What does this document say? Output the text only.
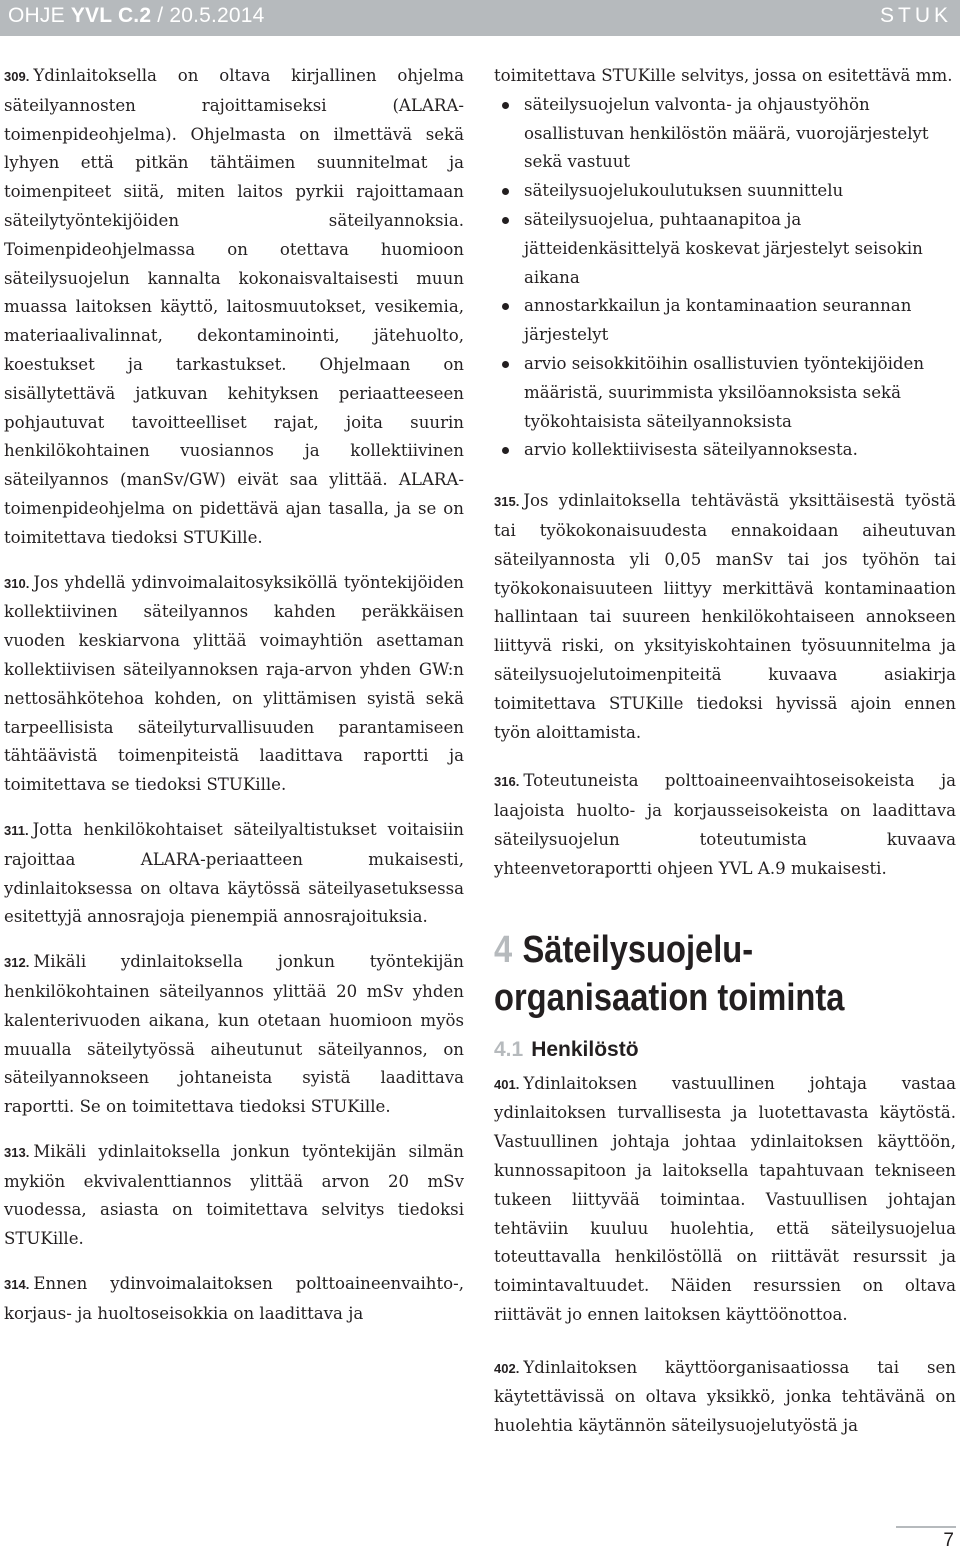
OHJE YVL C.2 / 20.5.2014	STUK

309. Ydinlaitoksella on oltava kirjallinen ohjelma säteilyannosten rajoittamiseksi (ALARA-toimenpideohjelma). Ohjelmasta on ilmettävä sekä lyhyen että pitkän tähtäimen suunnitelmat ja toimenpiteet siitä, miten laitos pyrkii rajoittamaan säteilytyöntekijöiden säteilyannoksia. Toimenpideohjelmassa on otettava huomioon säteilysuojelun kannalta kokonaisvaltaisesti muun muassa laitoksen käyttö, laitosmuutokset, vesikemia, materiaalivalinnat, dekontaminointi, jätehuolto, koestukset ja tarkastukset. Ohjelmaan on sisällytettävä jatkuvan kehityksen periaatteeseen pohjautuvat tavoitteelliset rajat, joita suurin henkilökohtainen vuosiannos ja kollektiivinen säteilyannos (manSv/GW) eivät saa ylittää. ALARA-toimenpideohjelma on pidettävä ajan tasalla, ja se on toimitettava tiedoksi STUKille.

310. Jos yhdellä ydinvoimalaitosyksiköllä työntekijöiden kollektiivinen säteilyannos kahden peräkkäisen vuoden keskiarvona ylittää voimayhtiön asettaman kollektiivisen säteilyannoksen raja-arvon yhden GW:n nettosähkötehoa kohden, on ylittämisen syistä sekä tarpeellisista säteilyturvallisuuden parantamiseen tähtäävistä toimenpiteistä laadittava raportti ja toimitettava se tiedoksi STUKille.

311. Jotta henkilökohtaiset säteilyaltistukset voitaisiin rajoittaa ALARA-periaatteen mukaisesti, ydinlaitoksessa on oltava käytössä säteilyasetuksessa esitettyjä annosrajoja pienempiä annosrajoituksia.

312. Mikäli ydinlaitoksella jonkun työntekijän henkilökohtainen säteilyannos ylittää 20 mSv yhden kalenterivuoden aikana, kun otetaan huomioon myös muualla säteilytyössä aiheutunut säteilyannos, on säteilyannokseen johtaneista syistä laadittava raportti. Se on toimitettava tiedoksi STUKille.

313. Mikäli ydinlaitoksella jonkun työntekijän silmän mykiön ekvivalenttiannos ylittää arvon 20 mSv vuodessa, asiasta on toimitettava selvitys tiedoksi STUKille.

314. Ennen ydinvoimalaitoksen polttoaineenvaihto-, korjaus- ja huoltoseisokkia on laadittava ja

toimitettava STUKille selvitys, jossa on esitettävä mm.

säteilysuojelun valvonta- ja ohjaustyöhön osallistuvan henkilöstön määrä, vuorojärjestelyt sekä vastuut
säteilysuojelukoulutuksen suunnittelu
säteilysuojelua, puhtaanapitoa ja jätteidenkäsittelyä koskevat järjestelyt seisokin aikana
annostarkkailun ja kontaminaation seurannan järjestelyt
arvio seisokkitöihin osallistuvien työntekijöiden määristä, suurimmista yksilöannoksista sekä työkohtaisista säteilyannoksista
arvio kollektiivisesta säteilyannoksesta.

315. Jos ydinlaitoksella tehtävästä yksittäisestä työstä tai työkokonaisuudesta ennakoidaan aiheutuvan säteilyannosta yli 0,05 manSv tai jos työhön tai työkokonaisuuteen liittyy merkittävä kontaminaation hallintaan tai suureen henkilökohtaiseen annokseen liittyvä riski, on yksityiskohtainen työsuunnitelma ja säteilysuojelutoimenpiteitä kuvaava asiakirja toimitettava STUKille tiedoksi hyvissä ajoin ennen työn aloittamista.

316. Toteutuneista polttoaineenvaihtoseisokeista ja laajoista huolto- ja korjausseisokeista on laadittava säteilysuojelun toteutumista kuvaava yhteenvetoraportti ohjeen YVL A.9 mukaisesti.

4 Säteilysuojelu-
organisaation toiminta
4.1 Henkilöstö

401. Ydinlaitoksen vastuullinen johtaja vastaa ydinlaitoksen turvallisesta ja luotettavasta käytöstä. Vastuullinen johtaja johtaa ydinlaitoksen käyttöön, kunnossapitoon ja laitoksella tapahtuvaan tekniseen tukeen liittyvää toimintaa. Vastuullisen johtajan tehtäviin kuuluu huolehtia, että säteilysuojelua toteuttavalla henkilöstöllä on riittävät resurssit ja toimintavaltuudet. Näiden resurssien on oltava riittävät jo ennen laitoksen käyttöönottoa.

402. Ydinlaitoksen käyttöorganisaatiossa tai sen käytettävissä on oltava yksikkö, jonka tehtävänä on huolehtia käytännön säteilysuojelutyöstä ja

7
